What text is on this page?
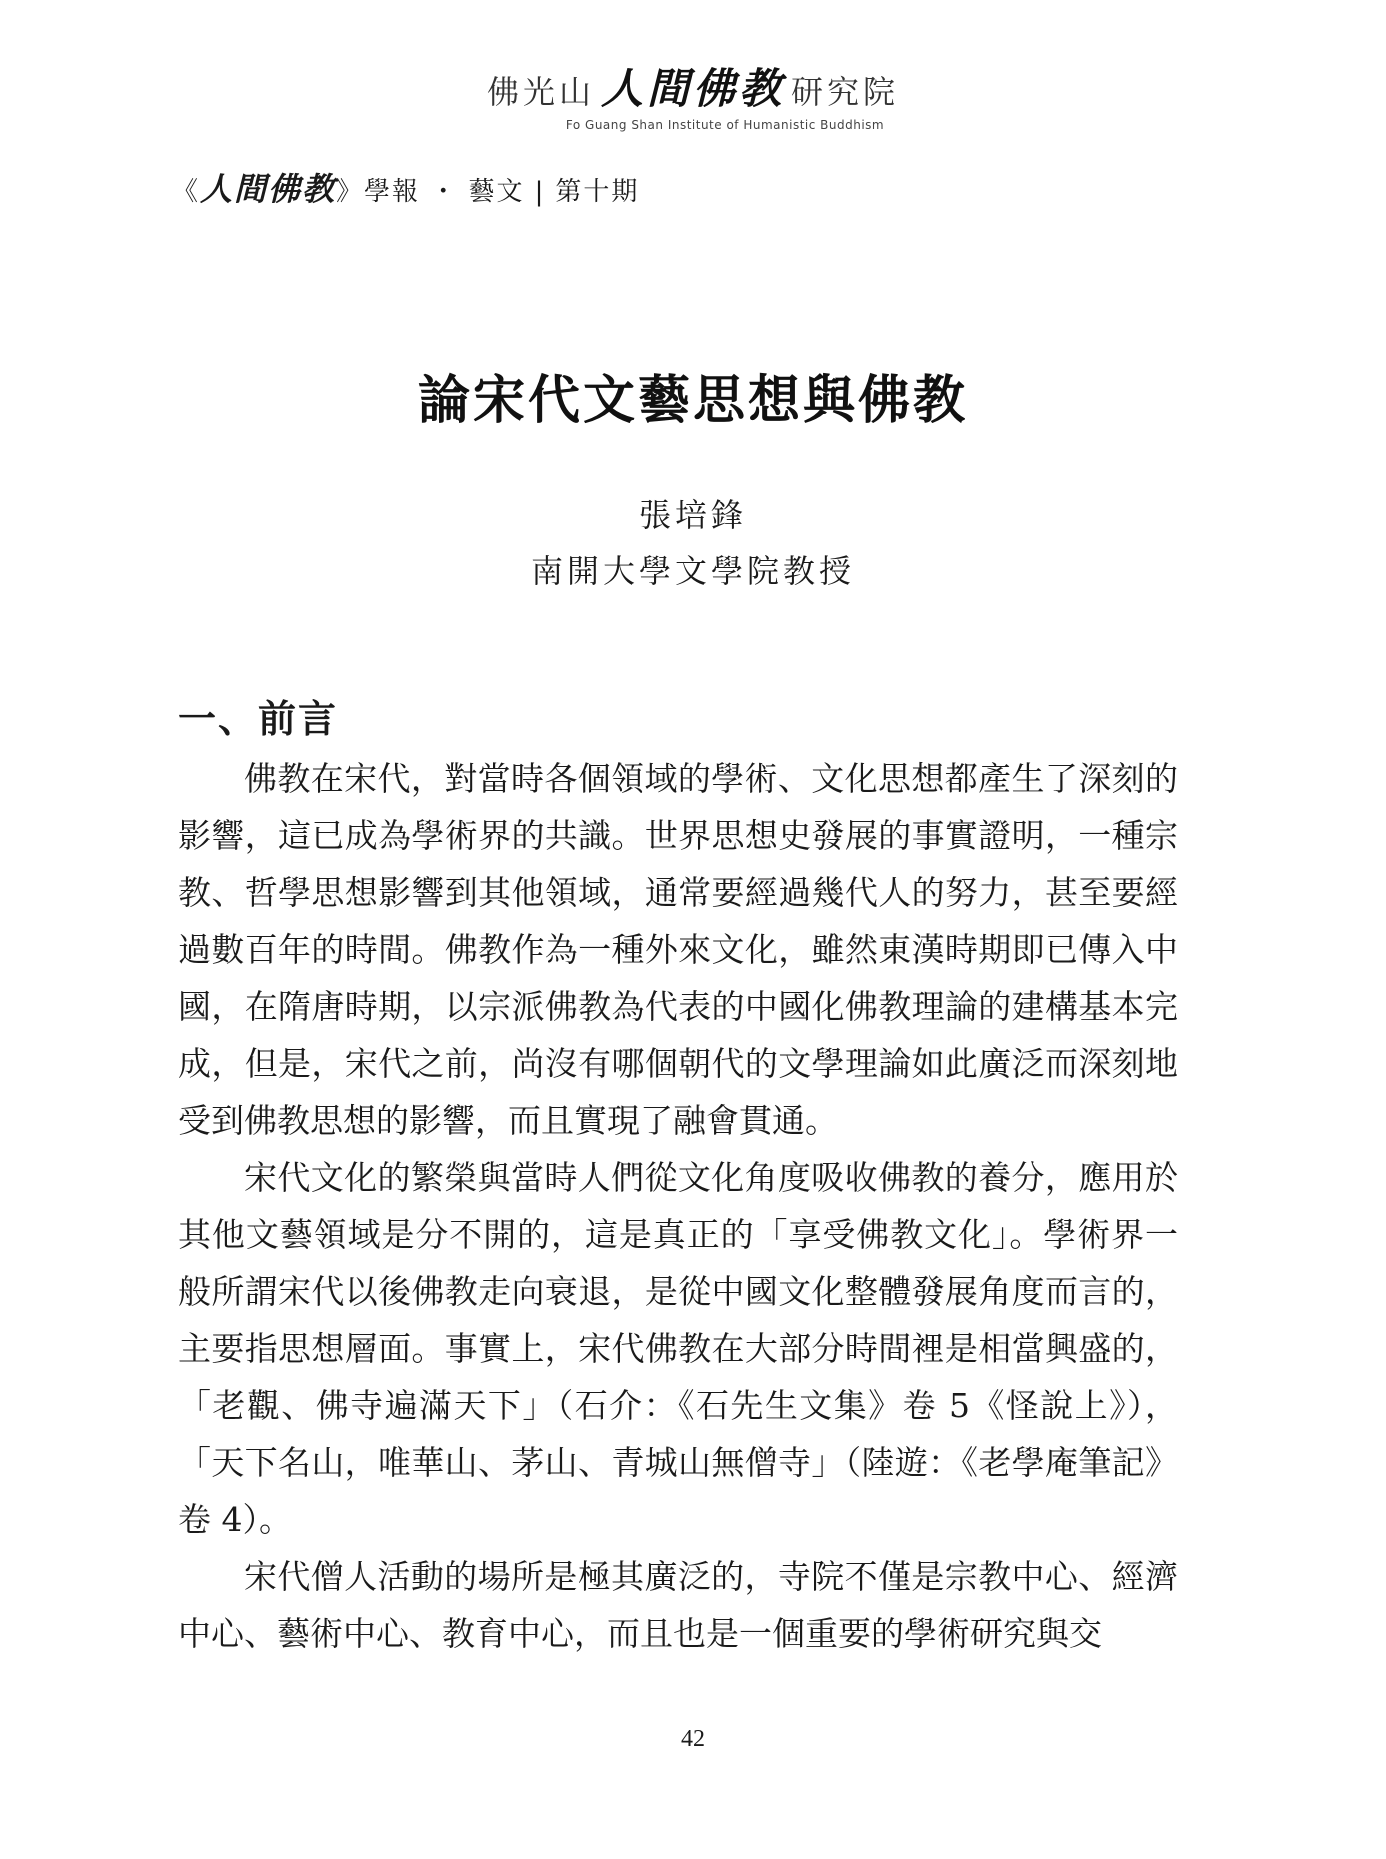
佛光山 人間佛教 研究院
Fo Guang Shan Institute of Humanistic Buddhism
《人間佛教》學報 ・ 藝文 | 第十期
論宋代文藝思想與佛教
張培鋒
南開大學文學院教授
一、前言

佛教在宋代，對當時各個領域的學術、文化思想都產生了深刻的影響，這已成為學術界的共識。世界思想史發展的事實證明，一種宗教、哲學思想影響到其他領域，通常要經過幾代人的努力，甚至要經過數百年的時間。佛教作為一種外來文化，雖然東漢時期即已傳入中國，在隋唐時期，以宗派佛教為代表的中國化佛教理論的建構基本完成，但是，宋代之前，尚沒有哪個朝代的文學理論如此廣泛而深刻地受到佛教思想的影響，而且實現了融會貫通。

宋代文化的繁榮與當時人們從文化角度吸收佛教的養分，應用於其他文藝領域是分不開的，這是真正的「享受佛教文化」。學術界一般所謂宋代以後佛教走向衰退，是從中國文化整體發展角度而言的，主要指思想層面。事實上，宋代佛教在大部分時間裡是相當興盛的，「老觀、佛寺遍滿天下」（石介：《石先生文集》卷 5《怪說上》），「天下名山，唯華山、茅山、青城山無僧寺」（陸遊：《老學庵筆記》卷 4）。

宋代僧人活動的場所是極其廣泛的，寺院不僅是宗教中心、經濟中心、藝術中心、教育中心，而且也是一個重要的學術研究與交

42
